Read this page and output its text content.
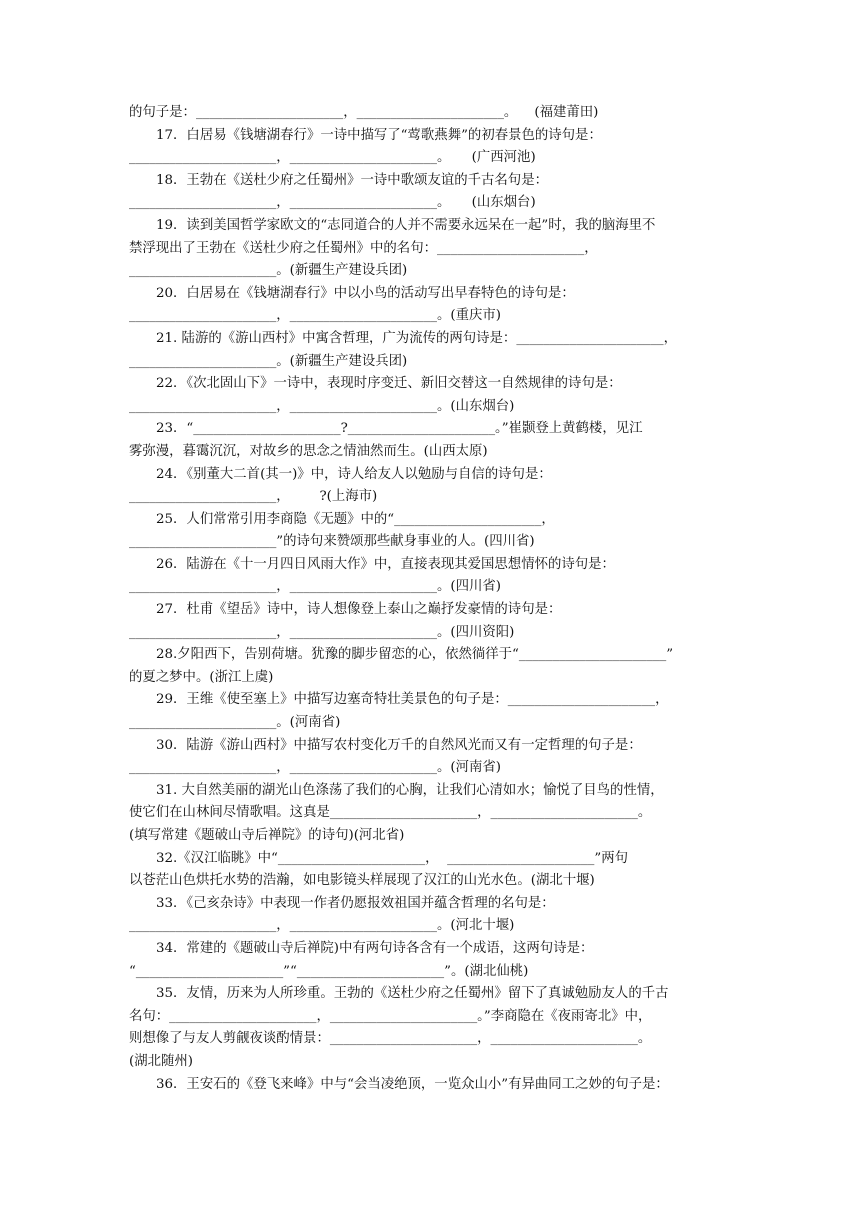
的句子是：______________________，______________________。    (福建莆田)
17．白居易《钱塘湖春行》一诗中描写了“莺歌燕舞”的初春景色的诗句是：
______________________，______________________。     (广西河池)
18．王勃在《送杜少府之任蜀州》一诗中歌颂友谊的千古名句是：
______________________，______________________。     (山东烟台)
19．读到美国哲学家欧文的“志同道合的人并不需要永远呆在一起”时，我的脑海里不
禁浮现出了王勃在《送杜少府之任蜀州》中的名句：______________________，
______________________。(新疆生产建设兵团)
20．白居易在《钱塘湖春行》中以小鸟的活动写出早春特色的诗句是：
______________________，______________________。(重庆市)
21. 陆游的《游山西村》中寓含哲理，广为流传的两句诗是：______________________，
______________________。(新疆生产建设兵团)
22．《次北固山下》一诗中，表现时序变迁、新旧交替这一自然规律的诗句是：
______________________，______________________。(山东烟台)
23．“______________________?______________________。”崔颢登上黄鹤楼，见江
雾弥漫，暮霭沉沉，对故乡的思念之情油然而生。(山西太原)
24．《别董大二首(其一)》中，诗人给友人以勉励与自信的诗句是：
______________________，       ?(上海市)
25．人们常常引用李商隐《无题》中的“______________________，
______________________”的诗句来赞颂那些献身事业的人。(四川省)
26．陆游在《十一月四日风雨大作》中，直接表现其爱国思想情怀的诗句是：
______________________，______________________。(四川省)
27．杜甫《望岳》诗中，诗人想像登上泰山之巅抒发豪情的诗句是：
______________________，______________________。(四川资阳)
28.夕阳西下，告别荷塘。犹豫的脚步留恋的心，依然徜徉于“______________________”
的夏之梦中。(浙江上虞)
29．王维《使至塞上》中描写边塞奇特壮美景色的句子是：______________________，
______________________。(河南省)
30．陆游《游山西村》中描写农村变化万千的自然风光而又有一定哲理的句子是：
______________________，______________________。(河南省)
31. 大自然美丽的湖光山色涤荡了我们的心胸，让我们心清如水；愉悦了目鸟的性情，
使它们在山林间尽情歌唱。这真是______________________，______________________。
(填写常建《题破山寺后禅院》的诗句)(河北省)
32.《汉江临眺》中“______________________，  ______________________”两句
以苍茫山色烘托水势的浩瀚，如电影镜头样展现了汉江的山光水色。(湖北十堰)
33．《己亥杂诗》中表现一作者仍愿报效祖国并蕴含哲理的名句是：
______________________，______________________。(河北十堰)
34．常建的《题破山寺后禅院)中有两句诗各含有一个成语，这两句诗是：
“______________________”“______________________”。(湖北仙桃)
35．友情，历来为人所珍重。王勃的《送杜少府之任蜀州》留下了真诚勉励友人的千古
名句：______________________，______________________。”李商隐在《夜雨寄北》中，
则想像了与友人剪觎夜谈酌情景：______________________，______________________。
(湖北随州)
36．王安石的《登飞来峰》中与“会当凌绝顶，一览众山小”有异曲同工之妙的句子是：
